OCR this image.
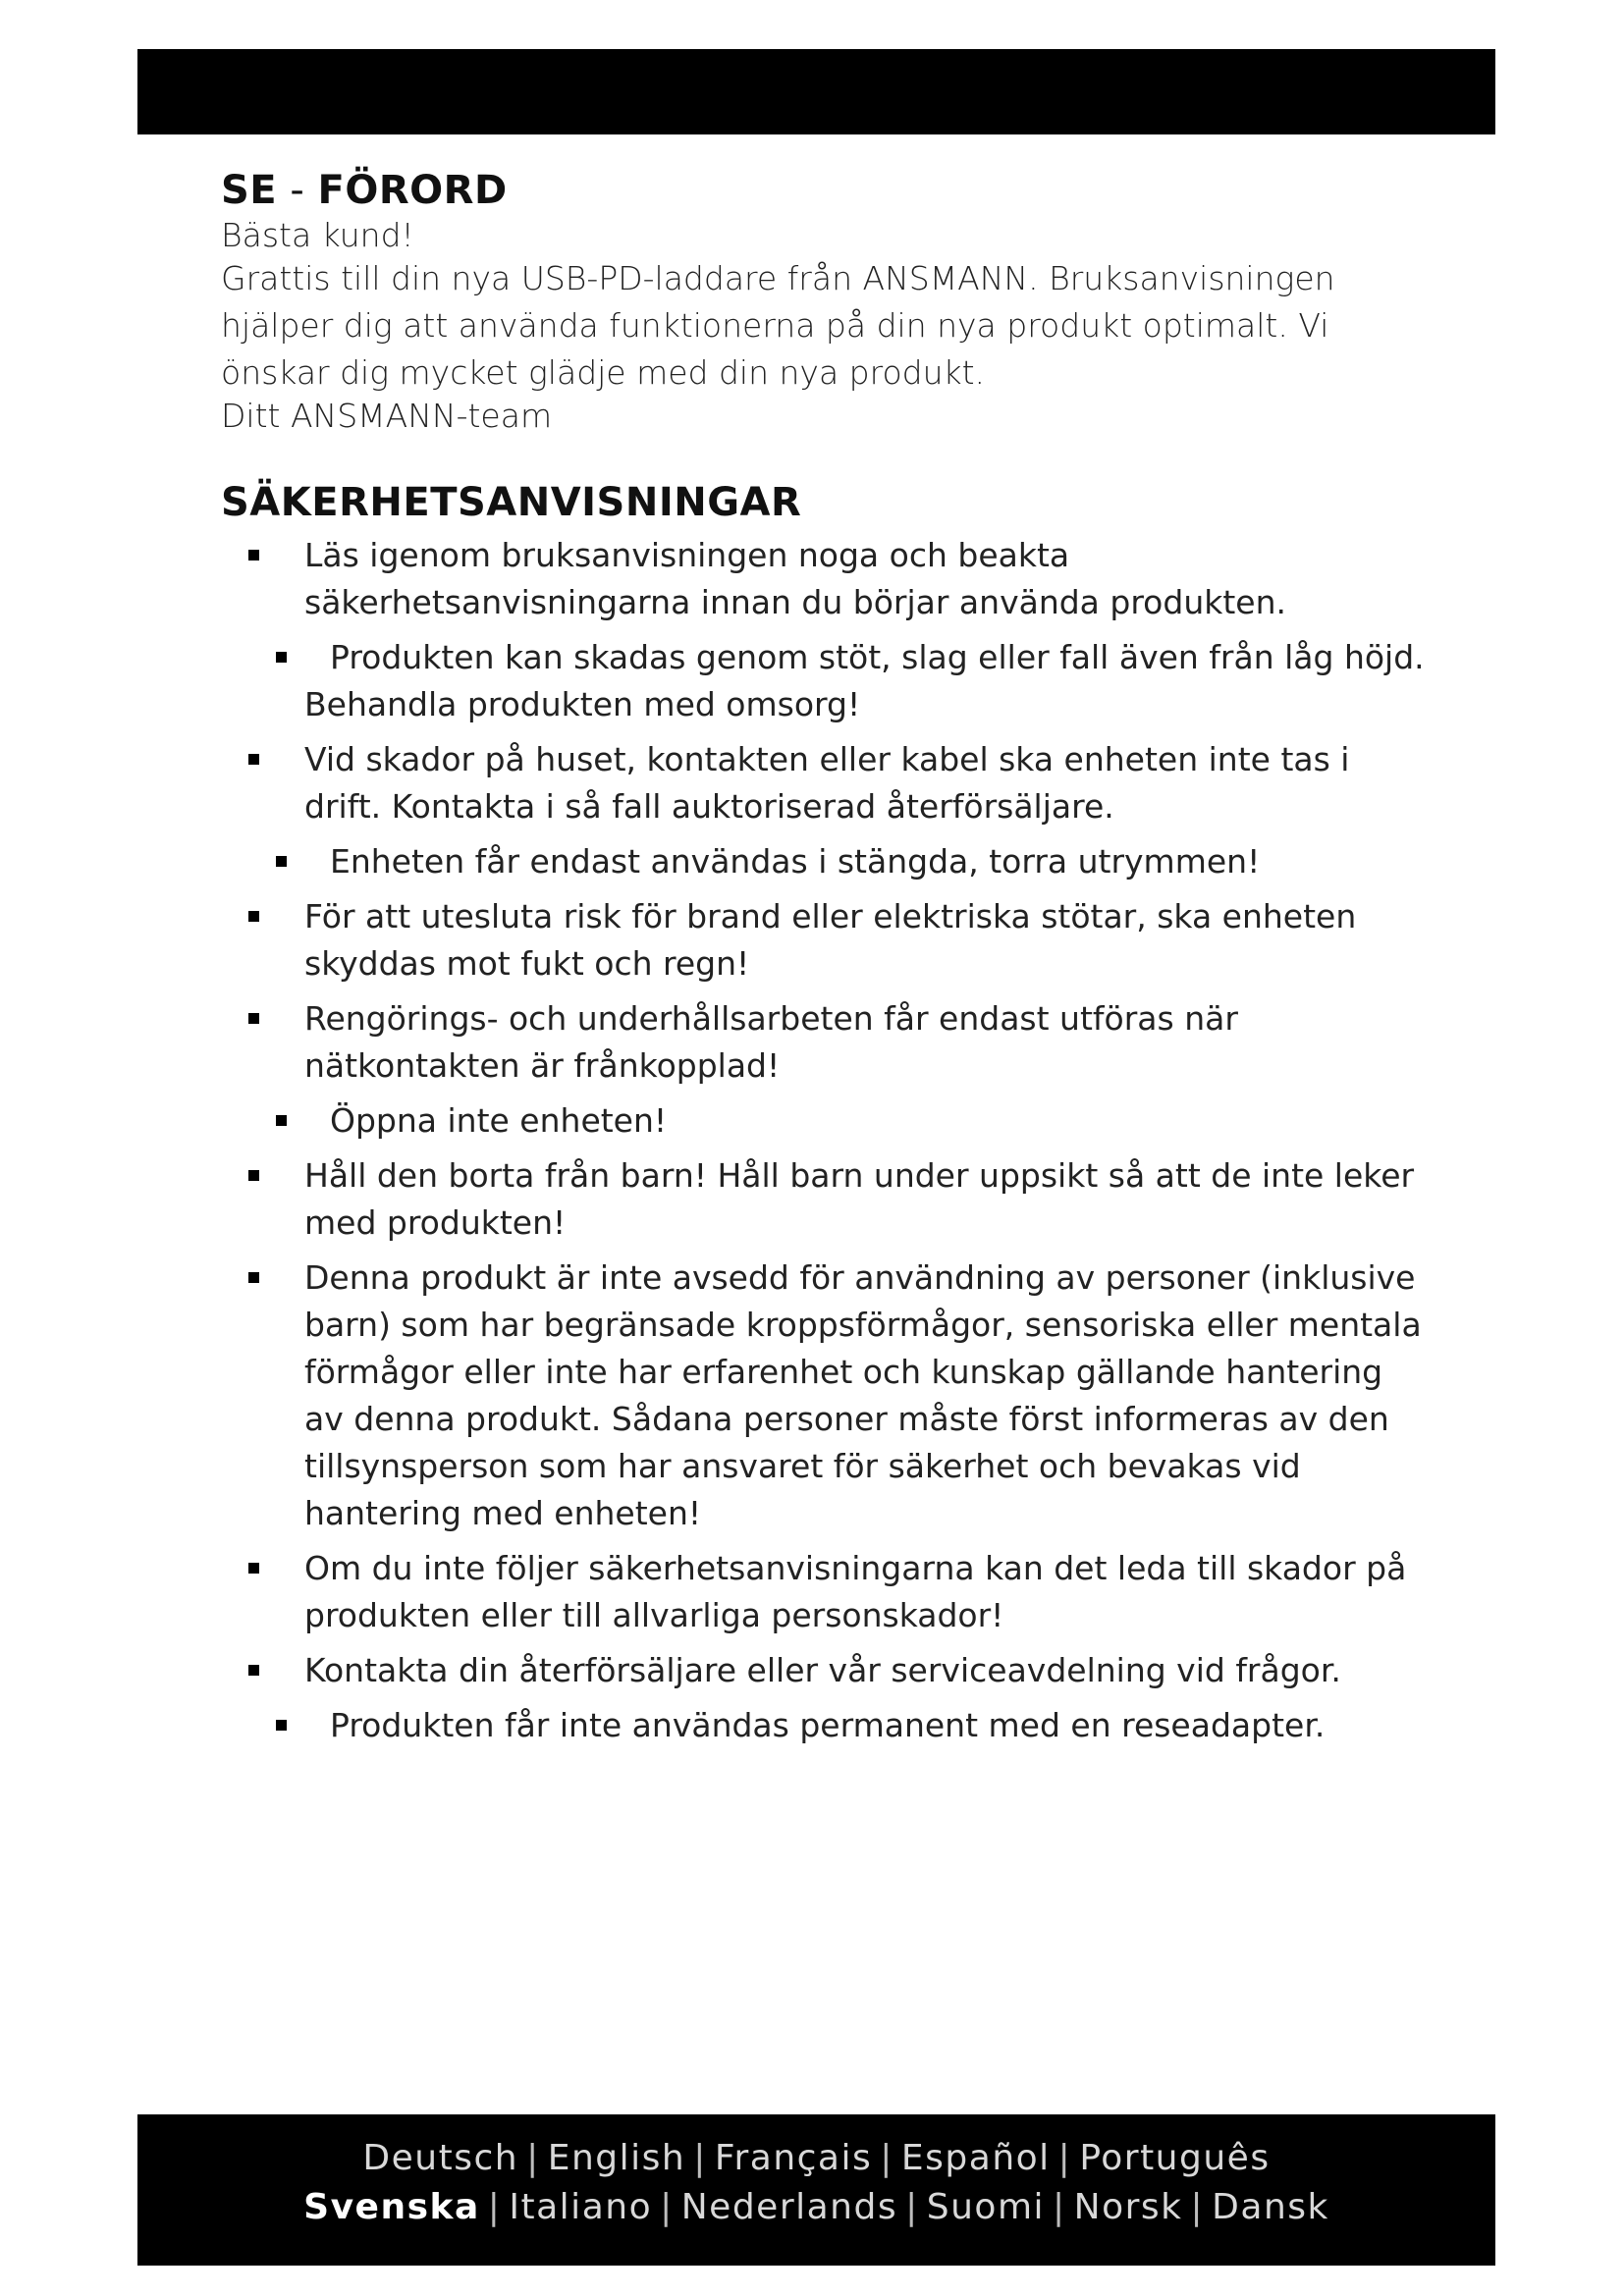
SE - FÖRORD

Bästa kund!

Grattis till din nya USB-PD-laddare från ANSMANN. Bruksanvisningen hjälper dig att använda funktionerna på din nya produkt optimalt. Vi önskar dig mycket glädje med din nya produkt.

Ditt ANSMANN-team

SÄKERHETSANVISNINGAR
Läs igenom bruksanvisningen noga och beakta säkerhetsanvisningarna innan du börjar använda produkten.
Produkten kan skadas genom stöt, slag eller fall även från låg höjd. Behandla produkten med omsorg!
Vid skador på huset, kontakten eller kabel ska enheten inte tas i drift. Kontakta i så fall auktoriserad återförsäljare.
Enheten får endast användas i stängda, torra utrymmen!
För att utesluta risk för brand eller elektriska stötar, ska enheten skyddas mot fukt och regn!
Rengörings- och underhållsarbeten får endast utföras när nätkontakten är frånkopplad!
Öppna inte enheten!
Håll den borta från barn! Håll barn under uppsikt så att de inte leker med produkten!
Denna produkt är inte avsedd för användning av personer (inklusive barn) som har begränsade kroppsförmågor, sensoriska eller mentala förmågor eller inte har erfarenhet och kunskap gällande hantering av denna produkt. Sådana personer måste först informeras av den tillsynsperson som har ansvaret för säkerhet och bevakas vid hantering med enheten!
Om du inte följer säkerhetsanvisningarna kan det leda till skador på produkten eller till allvarliga personskador!
Kontakta din återförsäljare eller vår serviceavdelning vid frågor.
Produkten får inte användas permanent med en reseadapter.
Deutsch | English | Français | Español | Português
Svenska | Italiano | Nederlands | Suomi | Norsk | Dansk
